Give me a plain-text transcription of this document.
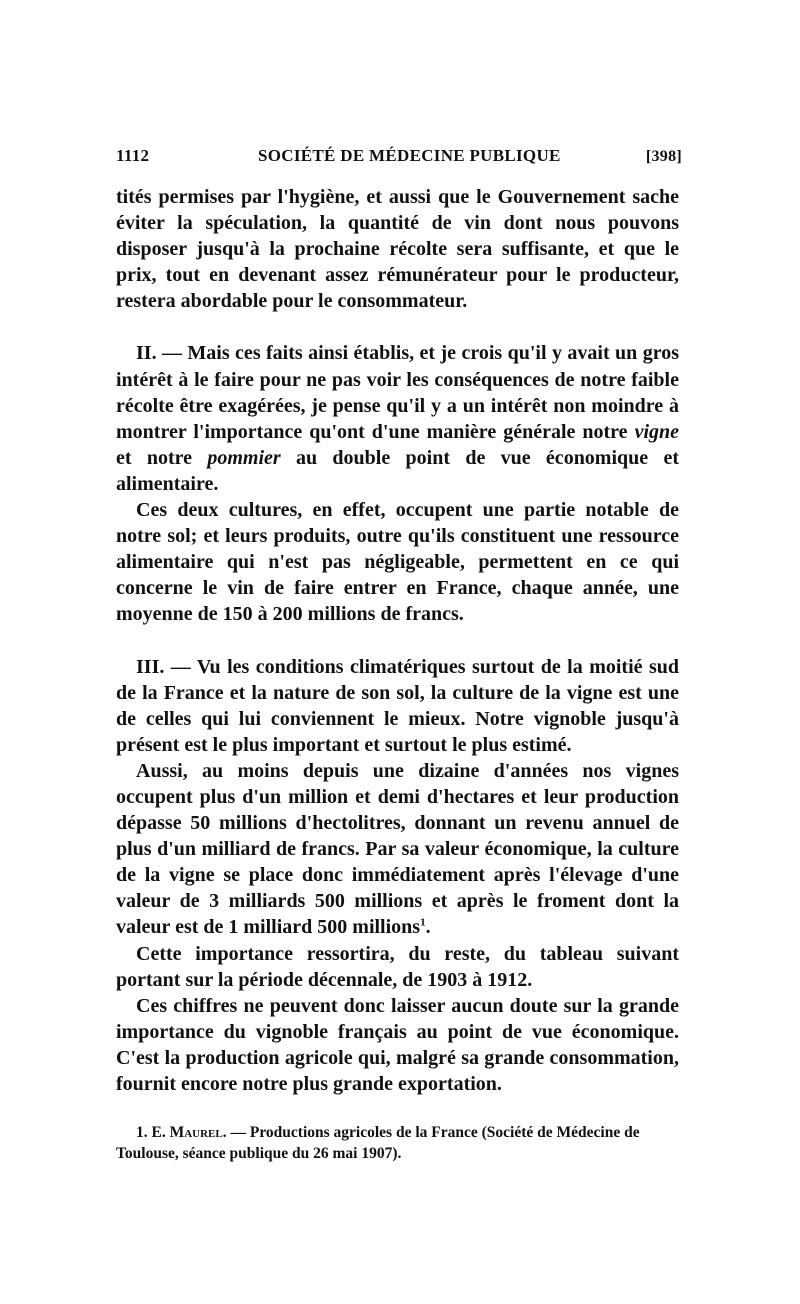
1112	SOCIÉTÉ DE MÉDECINE PUBLIQUE	[398]

tités permises par l'hygiène, et aussi que le Gouvernement sache éviter la spéculation, la quantité de vin dont nous pouvons disposer jusqu'à la prochaine récolte sera suffisante, et que le prix, tout en devenant assez rémunérateur pour le producteur, restera abordable pour le consommateur.

II. — Mais ces faits ainsi établis, et je crois qu'il y avait un gros intérêt à le faire pour ne pas voir les conséquences de notre faible récolte être exagérées, je pense qu'il y a un intérêt non moindre à montrer l'importance qu'ont d'une manière générale notre vigne et notre pommier au double point de vue économique et alimentaire.

Ces deux cultures, en effet, occupent une partie notable de notre sol; et leurs produits, outre qu'ils constituent une ressource alimentaire qui n'est pas négligeable, permettent en ce qui concerne le vin de faire entrer en France, chaque année, une moyenne de 150 à 200 millions de francs.

III. — Vu les conditions climatériques surtout de la moitié sud de la France et la nature de son sol, la culture de la vigne est une de celles qui lui conviennent le mieux. Notre vignoble jusqu'à présent est le plus important et surtout le plus estimé.

Aussi, au moins depuis une dizaine d'années nos vignes occupent plus d'un million et demi d'hectares et leur production dépasse 50 millions d'hectolitres, donnant un revenu annuel de plus d'un milliard de francs. Par sa valeur économique, la culture de la vigne se place donc immédiatement après l'élevage d'une valeur de 3 milliards 500 millions et après le froment dont la valeur est de 1 milliard 500 millions$^1$.

Cette importance ressortira, du reste, du tableau suivant portant sur la période décennale, de 1903 à 1912.

Ces chiffres ne peuvent donc laisser aucun doute sur la grande importance du vignoble français au point de vue économique. C'est la production agricole qui, malgré sa grande consommation, fournit encore notre plus grande exportation.

1. E. Maurel. — Productions agricoles de la France (Société de Médecine de Toulouse, séance publique du 26 mai 1907).
